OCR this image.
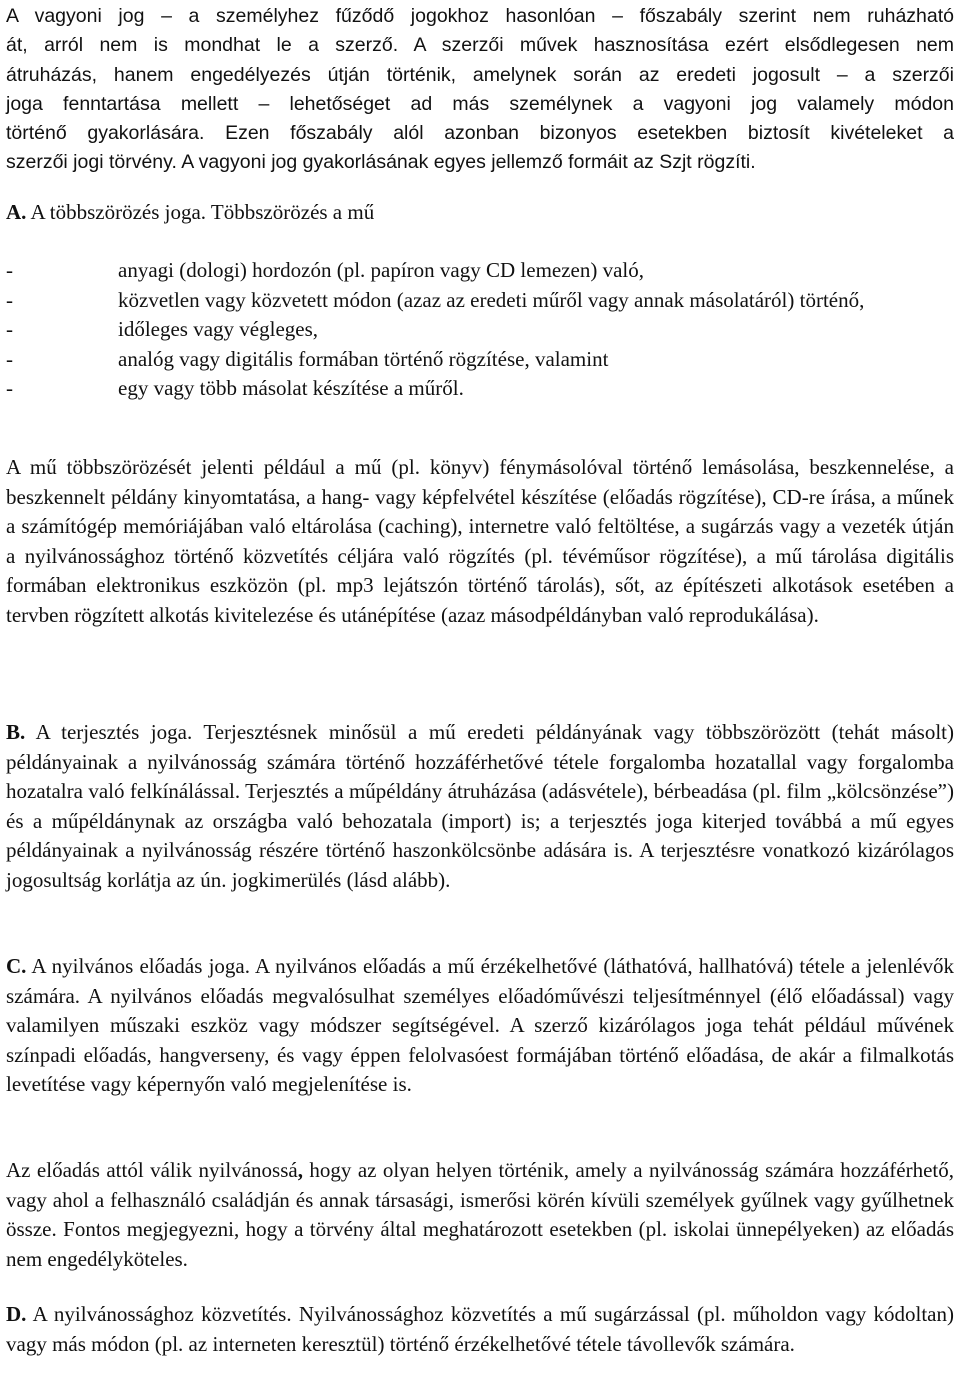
A vagyoni jog – a személyhez fűződő jogokhoz hasonlóan – főszabály szerint nem ruházható
át, arról nem is mondhat le a szerző. A szerzői művek hasznosítása ezért elsődlegesen nem
átruházás, hanem engedélyezés útján történik, amelynek során az eredeti jogosult – a szerzői
joga fenntartása mellett – lehetőséget ad más személynek a vagyoni jog valamely módon
történő gyakorlására. Ezen főszabály alól azonban bizonyos esetekben biztosít kivételeket a
szerzői jogi törvény. A vagyoni jog gyakorlásának egyes jellemző formáit az Szjt rögzíti.
A. A többszörözés joga. Többszörözés a mű
-	anyagi (dologi) hordozón (pl. papíron vagy CD lemezen) való,
-	közvetlen vagy közvetett módon (azaz az eredeti műről vagy annak másolatáról) történő,
-	időleges vagy végleges,
-	analóg vagy digitális formában történő rögzítése, valamint
-	egy vagy több másolat készítése a műről.

A mű többszörözését jelenti például a mű (pl. könyv) fénymásolóval történő lemásolása, beszkennelése, a beszkennelt példány kinyomtatása, a hang- vagy képfelvétel készítése (előadás rögzítése), CD-re írása, a műnek a számítógép memóriájában való eltárolása (caching), internetre való feltöltése, a sugárzás vagy a vezeték útján a nyilvánossághoz történő közvetítés céljára való rögzítés (pl. tévéműsor rögzítése), a mű tárolása digitális formában elektronikus eszközön (pl. mp3 lejátszón történő tárolás), sőt, az építészeti alkotások esetében a tervben rögzített alkotás kivitelezése és utánépítése (azaz másodpéldányban való reprodukálása).

B. A terjesztés joga. Terjesztésnek minősül a mű eredeti példányának vagy többszörözött (tehát másolt) példányainak a nyilvánosság számára történő hozzáférhetővé tétele forgalomba hozatallal vagy forgalomba hozatalra való felkínálással. Terjesztés a műpéldány átruházása (adásvétele), bérbeadása (pl. film „kölcsönzése”) és a műpéldánynak az országba való behozatala (import) is; a terjesztés joga kiterjed továbbá a mű egyes példányainak a nyilvánosság részére történő haszonkölcsönbe adására is. A terjesztésre vonatkozó kizárólagos jogosultság korlátja az ún. jogkimerülés (lásd alább).

C. A nyilvános előadás joga. A nyilvános előadás a mű érzékelhetővé (láthatóvá, hallhatóvá) tétele a jelenlévők számára. A nyilvános előadás megvalósulhat személyes előadóművészi teljesítménnyel (élő előadással) vagy valamilyen műszaki eszköz vagy módszer segítségével. A szerző kizárólagos joga tehát például művének színpadi előadás, hangverseny, és vagy éppen felolvasóest formájában történő előadása, de akár a filmalkotás levetítése vagy képernyőn való megjelenítése is.

Az előadás attól válik nyilvánossá, hogy az olyan helyen történik, amely a nyilvánosság számára hozzáférhető, vagy ahol a felhasználó családján és annak társasági, ismerősi körén kívüli személyek gyűlnek vagy gyűlhetnek össze. Fontos megjegyezni, hogy a törvény által meghatározott esetekben (pl. iskolai ünnepélyeken) az előadás nem engedélyköteles.

D. A nyilvánossághoz közvetítés. Nyilvánossághoz közvetítés a mű sugárzással (pl. műholdon vagy kódoltan) vagy más módon (pl. az interneten keresztül) történő érzékelhetővé tétele távollevők számára.
